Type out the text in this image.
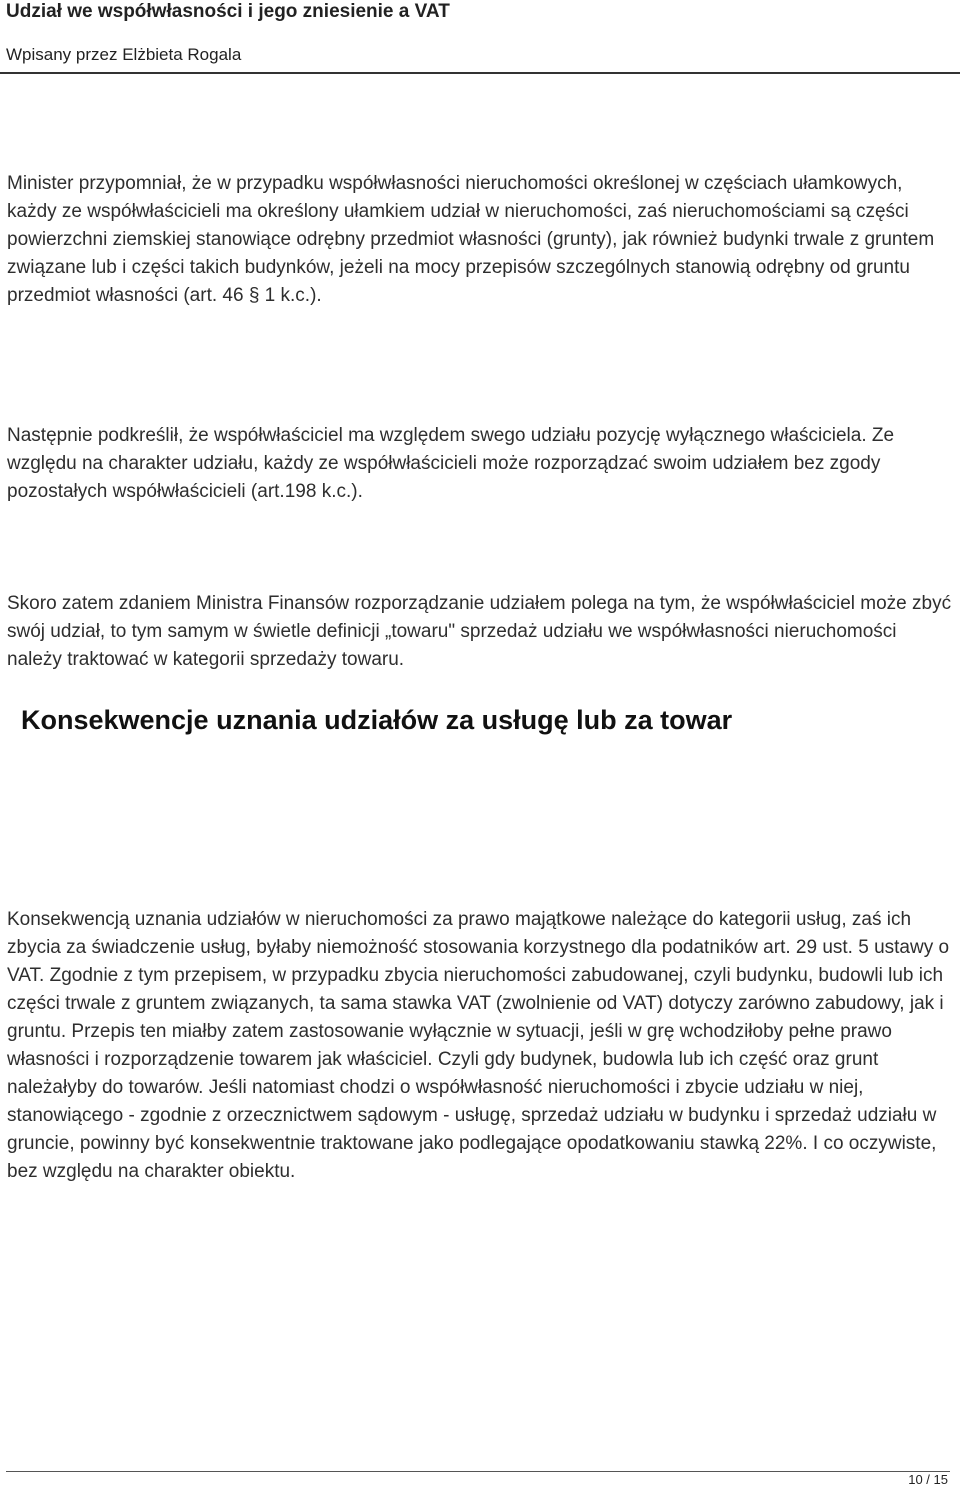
Udział we współwłasności i jego zniesienie a VAT
Wpisany przez Elżbieta Rogala
Minister przypomniał, że w przypadku współwłasności nieruchomości określonej w częściach ułamkowych, każdy ze współwłaścicieli ma określony ułamkiem udział w nieruchomości, zaś nieruchomościami są części powierzchni ziemskiej stanowiące odrębny przedmiot własności (grunty), jak również budynki trwale z gruntem związane lub i części takich budynków, jeżeli na mocy przepisów szczególnych stanowią odrębny od gruntu przedmiot własności (art. 46 § 1 k.c.).
Następnie podkreślił, że współwłaściciel ma względem swego udziału pozycję wyłącznego właściciela. Ze względu na charakter udziału, każdy ze współwłaścicieli może rozporządzać swoim udziałem bez zgody pozostałych współwłaścicieli (art.198 k.c.).
Skoro zatem zdaniem Ministra Finansów rozporządzanie udziałem polega na tym, że współwłaściciel może zbyć swój udział, to tym samym w świetle definicji „towaru" sprzedaż udziału we współwłasności nieruchomości należy traktować w kategorii sprzedaży towaru.
Konsekwencje uznania udziałów za usługę lub za towar
Konsekwencją uznania udziałów w nieruchomości za prawo majątkowe należące do kategorii usług, zaś ich zbycia za świadczenie usług, byłaby niemożność stosowania korzystnego dla podatników art. 29 ust. 5 ustawy o VAT. Zgodnie z tym przepisem, w przypadku zbycia nieruchomości zabudowanej, czyli budynku, budowli lub ich części trwale z gruntem związanych, ta sama stawka VAT (zwolnienie od VAT) dotyczy zarówno zabudowy, jak i gruntu. Przepis ten miałby zatem zastosowanie wyłącznie w sytuacji, jeśli w grę wchodziłoby pełne prawo własności i rozporządzenie towarem jak właściciel. Czyli gdy budynek, budowla lub ich część oraz grunt należałyby do towarów. Jeśli natomiast chodzi o współwłasność nieruchomości i zbycie udziału w niej, stanowiącego - zgodnie z orzecznictwem sądowym - usługę, sprzedaż udziału w budynku i sprzedaż udziału w gruncie, powinny być konsekwentnie traktowane jako podlegające opodatkowaniu stawką 22%. I co oczywiste, bez względu na charakter obiektu.
10 / 15
